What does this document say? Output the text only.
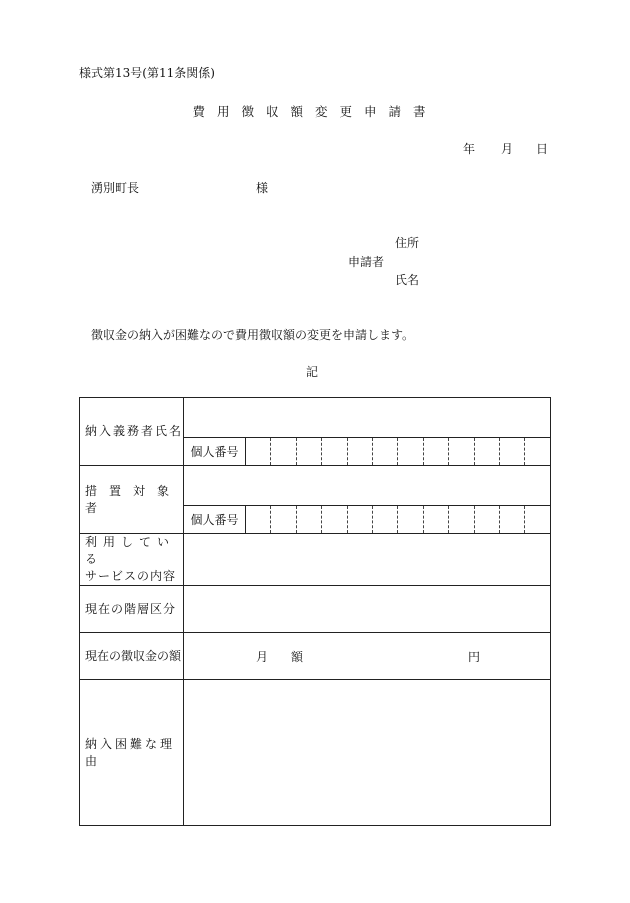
様式第13号(第11条関係)
費用徴収額変更申請書
年 月 日
湧別町長	様
住所
申請者
氏名
徴収金の納入が困難なので費用徴収額の変更を申請します。
記
納入義務者氏名													
	個人番号												
措置対象者													
	個人番号												

利用している
サービスの内容													

現在の階層区分													
現在の徴収金の額	月 額 円												

納入困難な理由													
